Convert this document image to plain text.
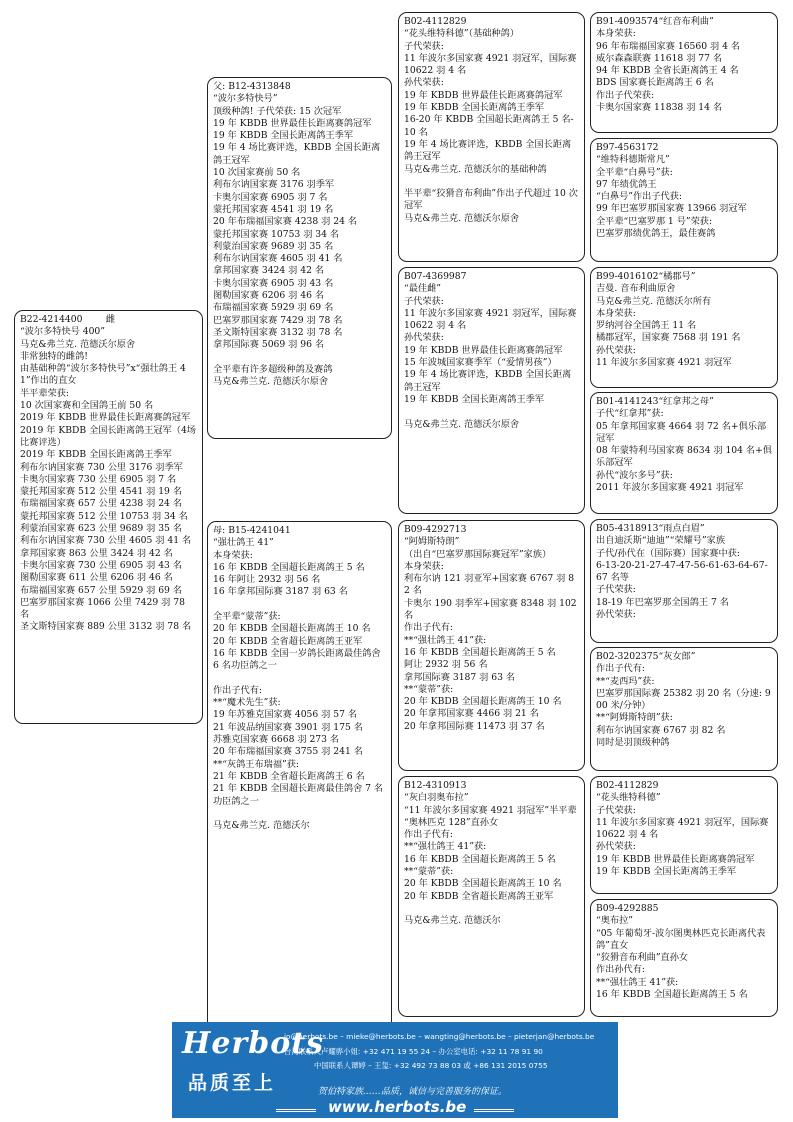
B22-4214400        雌
“波尔多特快号 400”
马克&弗兰克. 范德沃尔原舍
非常独特的雌鸽!
由基础种鸽“波尔多特快号”x“强壮鸽王 41”作出的直女
半平辈荣获:
10 次国家赛和全国鸽王前 50 名
2019 年 KBDB 世界最佳长距离赛鸽冠军
2019 年 KBDB 全国长距离鸽王冠军（4场比赛评选）
2019 年 KBDB 全国长距离鸽王季军
利布尔讷国家赛 730 公里 3176 羽季军
卡奥尔国家赛 730 公里 6905 羽 7 名
蒙托邦国家赛 512 公里 4541 羽 19 名
布瑞福国家赛 657 公里 4238 羽 24 名
蒙托邦国家赛 512 公里 10753 羽 34 名
利蒙治国家赛 623 公里 9689 羽 35 名
利布尔讷国家赛 730 公里 4605 羽 41 名
拿邦国家赛 863 公里 3424 羽 42 名
卡奥尔国家赛 730 公里 6905 羽 43 名
图勒国家赛 611 公里 6206 羽 46 名
布瑞福国家赛 657 公里 5929 羽 69 名
巴塞罗那国家赛 1066 公里 7429 羽 78 名
圣文斯特国家赛 889 公里 3132 羽 78 名
父: B12-4313848
“波尔多特快号”
顶级种鸽! 子代荣获: 15 次冠军
19 年 KBDB 世界最佳长距离赛鸽冠军
19 年 KBDB 全国长距离鸽王季军
19 年 4 场比赛评选，KBDB 全国长距离鸽王冠军
10 次国家赛前 50 名
利布尔讷国家赛 3176 羽季军
卡奥尔国家赛 6905 羽 7 名
蒙托邦国家赛 4541 羽 19 名
20 年布瑞福国家赛 4238 羽 24 名
蒙托邦国家赛 10753 羽 34 名
利蒙治国家赛 9689 羽 35 名
利布尔讷国家赛 4605 羽 41 名
拿邦国家赛 3424 羽 42 名
卡奥尔国家赛 6905 羽 43 名
图勒国家赛 6206 羽 46 名
布瑞福国家赛 5929 羽 69 名
巴塞罗那国家赛 7429 羽 78 名
圣文斯特国家赛 3132 羽 78 名
拿邦国际赛 5069 羽 96 名

全平辈有许多超级种鸽及赛鸽
马克&弗兰克. 范德沃尔原舍
母: B15-4241041
“强壮鸽王 41”
本身荣获:
16 年 KBDB 全国超长距离鸽王 5 名
16 年阿让 2932 羽 56 名
16 年拿邦国际赛 3187 羽 63 名

全平辈“蒙蒂”获:
20 年 KBDB 全国超长距离鸽王 10 名
20 年 KBDB 全省超长距离鸽王亚军
16 年 KBDB 全国一岁鸽长距离最佳鸽舍 6 名功臣鸽之一

作出子代有:
**“魔术先生”获:
19 年苏雅克国家赛 4056 羽 57 名
21 年波品纳国家赛 3901 羽 175 名
苏雅克国家赛 6668 羽 273 名
20 年布瑞福国家赛 3755 羽 241 名
**“灰鸽王布瑞福”获:
21 年 KBDB 全省超长距离鸽王 6 名
21 年 KBDB 全国超长距离最佳鸽舍 7 名功臣鸽之一

马克&弗兰克. 范德沃尔
B02-4112829
“花头维特科德”（基础种鸽）
子代荣获:
11 年波尔多国家赛 4921 羽冠军，国际赛 10622 羽 4 名
孙代荣获:
19 年 KBDB 世界最佳长距离赛鸽冠军
19 年 KBDB 全国长距离鸽王季军
16-20 年 KBDB 全国超长距离鸽王 5 名-10 名
19 年 4 场比赛评选，KBDB 全国长距离鸽王冠军
马克&弗兰克. 范德沃尔的基础种鸽

半平辈“狡猾音布利曲”作出子代超过 10 次冠军
马克&弗兰克. 范德沃尔原舍
B07-4369987
“最佳雌”
子代荣获:
11 年波尔多国家赛 4921 羽冠军，国际赛 10622 羽 4 名
孙代荣获:
19 年 KBDB 世界最佳长距离赛鸽冠军
15 年波城国家赛季军（“爱情男孩”）
19 年 4 场比赛评选，KBDB 全国长距离鸽王冠军
19 年 KBDB 全国长距离鸽王季军

马克&弗兰克. 范德沃尔原舍
B09-4292713
“阿姆斯特朗”
（出自“巴塞罗那国际赛冠军”家族）
本身荣获:
利布尔讷 121 羽亚军+国家赛 6767 羽 82 名
卡奥尔 190 羽季军+国家赛 8348 羽 102 名
作出子代有:
**“强壮鸽王 41”获:
16 年 KBDB 全国超长距离鸽王 5 名
阿让 2932 羽 56 名
拿邦国际赛 3187 羽 63 名
**“蒙蒂”获:
20 年 KBDB 全国超长距离鸽王 10 名
20 年拿邦国家赛 4466 羽 21 名
20 年拿邦国际赛 11473 羽 37 名
B12-4310913
“灰白羽奥布拉”
“11 年波尔多国家赛 4921 羽冠军”半平辈
“奥林匹克 128”直孙女
作出子代有:
**“强壮鸽王 41”获:
16 年 KBDB 全国超长距离鸽王 5 名
**“蒙蒂”获:
20 年 KBDB 全国超长距离鸽王 10 名
20 年 KBDB 全省超长距离鸽王亚军

马克&弗兰克. 范德沃尔
B91-4093574“红音布利曲”
本身荣获:
96 年布瑞福国家赛 16560 羽 4 名
威尔森森联赛 11618 羽 77 名
94 年 KBDB 全省长距离鸽王 4 名
BDS 国家赛长距离鸽王 6 名
作出子代荣获:
卡奥尔国家赛 11838 羽 14 名
B97-4563172
“维特科德斯常凡”
全平辈“白鼻号”获:
97 年绩优鸽王
“白鼻号”作出子代获:
99 年巴塞罗那国家赛 13966 羽冠军
全平辈“巴塞罗那 1 号”荣获:
巴塞罗那绩优鸽王，最佳赛鸽
B99-4016102“橘郡号”
吉曼. 音布利曲原舍
马克&弗兰克. 范德沃尔所有
本身荣获:
罗纳河谷全国鸽王 11 名
橘郡冠军，国家赛 7568 羽 191 名
孙代荣获:
11 年波尔多国家赛 4921 羽冠军
B01-4141243“红拿邦之母”
子代“红拿邦”获:
05 年拿邦国家赛 4664 羽 72 名+俱乐部冠军
08 年蒙特利马国家赛 8634 羽 104 名+俱乐部冠军
孙代“波尔多号”获:
2011 年波尔多国家赛 4921 羽冠军
B05-4318913“雨点白眉”
出自迪沃斯“迪迪”“荣耀号”家族
子代/孙代在（国际赛）国家赛中获:
6-13-20-21-27-47-47-56-61-63-64-67-67 名等
子代荣获:
18-19 年巴塞罗那全国鸽王 7 名
孙代荣获:
B02-3202375“灰女郎”
作出子代有:
**“麦西玛”获:
巴塞罗那国际赛 25382 羽 20 名（分速: 900 米/分钟）
**“阿姆斯特朗”获:
利布尔讷国家赛 6767 羽 82 名
同时是羽顶级种鸽
B02-4112829
“花头维特科德”
子代荣获:
11 年波尔多国家赛 4921 羽冠军，国际赛 10622 羽 4 名
孙代荣获:
19 年 KBDB 世界最佳长距离赛鸽冠军
19 年 KBDB 全国长距离鸽王季军
B09-4292885
“奥布拉”
“05 年葡萄牙-波尔图奥林匹克长距离代表鸽”直女
“狡猾音布利曲”直孙女
作出孙代有:
**“强壮鸽王 41”获:
16 年 KBDB 全国超长距离鸽王 5 名
Herbots
品质至上
jo@herbots.be – mieke@herbots.be – wangting@herbots.be – pieterjan@herbots.be
台湾联系人卢耀骅小姐: +32 471 19 55 24 – 办公室电话: +32 11 78 91 90
中国联系人谭婷 – 王玺: +32 492 73 88 03 或 +86 131 2015 0755
贺伯特家族……品质，诚信与完善服务的保证。
www.herbots.be
